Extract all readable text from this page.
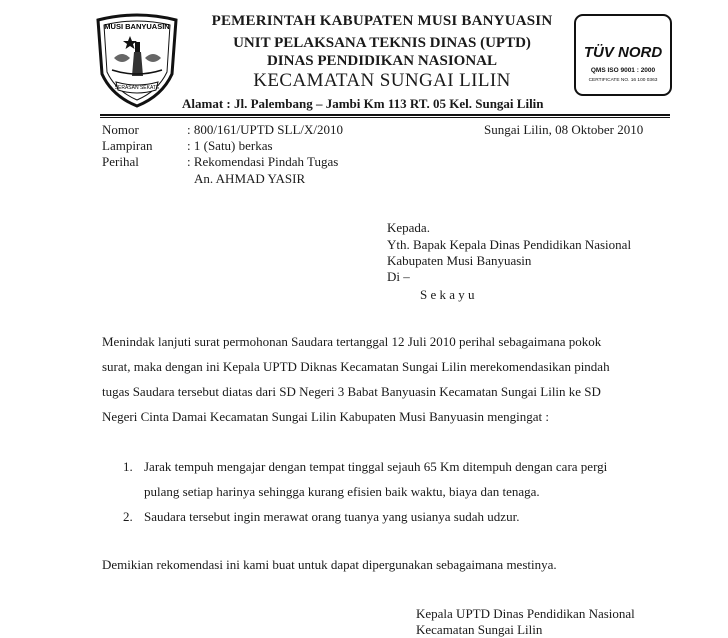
MUSI BANYUASIN
SERASAN SEKATE
PEMERINTAH KABUPATEN MUSI BANYUASIN
UNIT PELAKSANA TEKNIS DINAS (UPTD)
DINAS PENDIDIKAN NASIONAL
KECAMATAN SUNGAI LILIN
Alamat : Jl. Palembang – Jambi Km 113 RT. 05 Kel. Sungai Lilin
TÜV NORD
QMS ISO 9001 : 2000
CERTIFICATE NO. 16 100 0363
Nomor	: 800/161/UPTD SLL/X/2010	Sungai Lilin, 08 Oktober 2010
Lampiran	: 1 (Satu) berkas
Perihal	: Rekomendasi Pindah Tugas
An. AHMAD YASIR
Kepada.
Yth. Bapak Kepala Dinas Pendidikan Nasional
Kabupaten Musi Banyuasin
Di –
S e k a y u
Menindak lanjuti surat permohonan Saudara tertanggal 12 Juli 2010 perihal sebagaimana pokok
surat, maka dengan ini Kepala UPTD Diknas Kecamatan Sungai Lilin merekomendasikan pindah
tugas Saudara tersebut diatas dari SD Negeri 3 Babat Banyuasin Kecamatan Sungai Lilin ke SD
Negeri Cinta Damai Kecamatan Sungai Lilin Kabupaten Musi Banyuasin mengingat :
1. Jarak tempuh mengajar dengan tempat tinggal sejauh 65 Km ditempuh dengan cara pergi
pulang setiap harinya sehingga kurang efisien baik waktu, biaya dan tenaga.
2. Saudara tersebut ingin merawat orang tuanya yang usianya sudah udzur.
Demikian rekomendasi ini kami buat untuk dapat dipergunakan sebagaimana mestinya.
Kepala UPTD Dinas Pendidikan Nasional
Kecamatan Sungai Lilin
